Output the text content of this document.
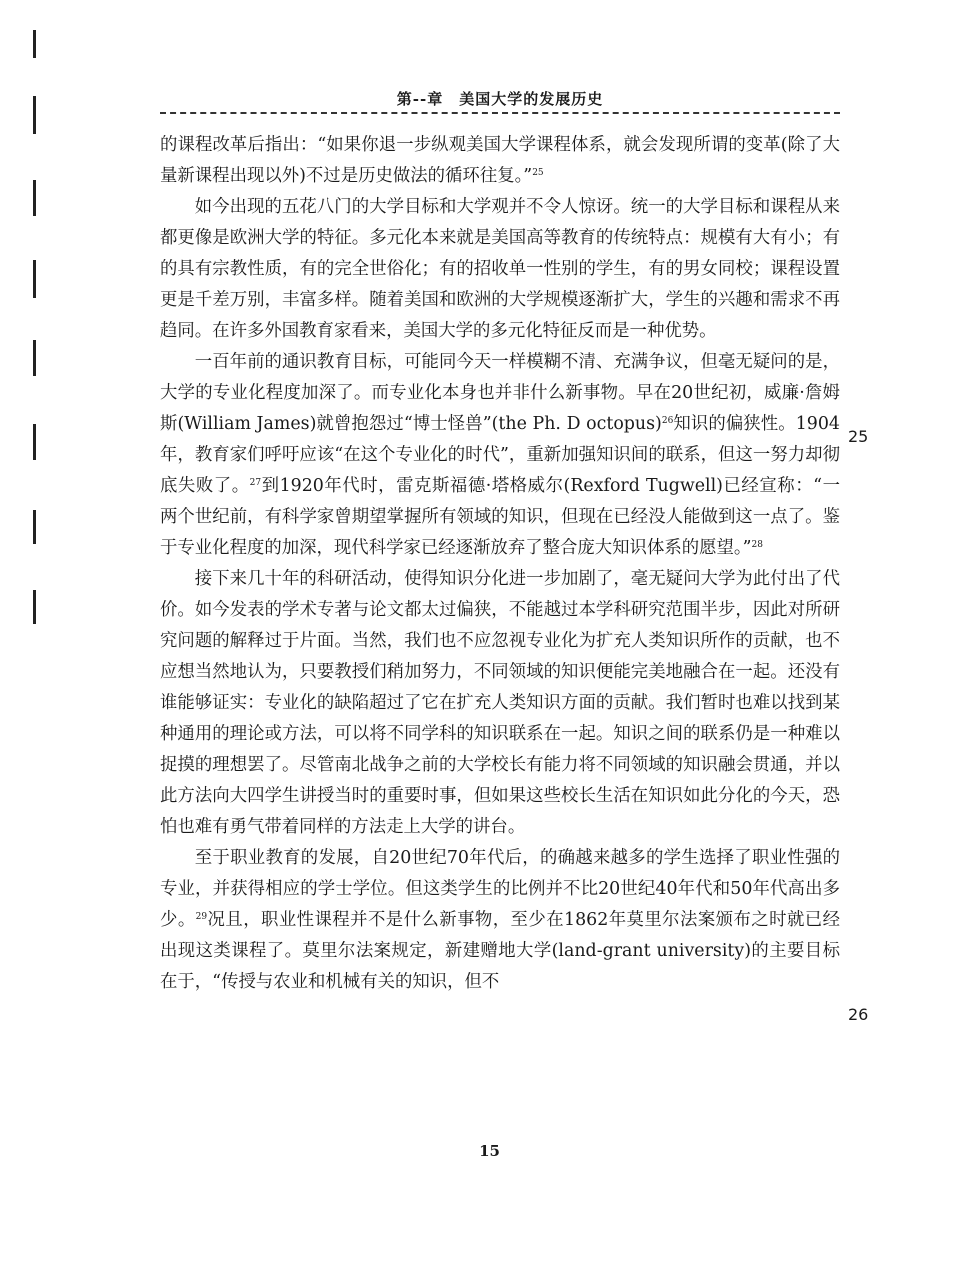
第--章　美国大学的发展历史

的课程改革后指出：“如果你退一步纵观美国大学课程体系，就会发现所谓的变革(除了大量新课程出现以外)不过是历史做法的循环往复。”$^{25}$

如今出现的五花八门的大学目标和大学观并不令人惊讶。统一的大学目标和课程从来都更像是欧洲大学的特征。多元化本来就是美国高等教育的传统特点：规模有大有小；有的具有宗教性质，有的完全世俗化；有的招收单一性别的学生，有的男女同校；课程设置更是千差万别，丰富多样。随着美国和欧洲的大学规模逐渐扩大，学生的兴趣和需求不再趋同。在许多外国教育家看来，美国大学的多元化特征反而是一种优势。

一百年前的通识教育目标，可能同今天一样模糊不清、充满争议，但毫无疑问的是，大学的专业化程度加深了。而专业化本身也并非什么新事物。早在20世纪初，威廉·詹姆斯(William James)就曾抱怨过“博士怪兽”(the Ph. D octopus)$^{26}$知识的偏狭性。1904年，教育家们呼吁应该“在这个专业化的时代”，重新加强知识间的联系，但这一努力却彻底失败了。$^{27}$到1920年代时，雷克斯福德·塔格威尔(Rexford Tugwell)已经宣称：“一两个世纪前，有科学家曾期望掌握所有领域的知识，但现在已经没人能做到这一点了。鉴于专业化程度的加深，现代科学家已经逐渐放弃了整合庞大知识体系的愿望。”$^{28}$

接下来几十年的科研活动，使得知识分化进一步加剧了，毫无疑问大学为此付出了代价。如今发表的学术专著与论文都太过偏狭，不能越过本学科研究范围半步，因此对所研究问题的解释过于片面。当然，我们也不应忽视专业化为扩充人类知识所作的贡献，也不应想当然地认为，只要教授们稍加努力，不同领域的知识便能完美地融合在一起。还没有谁能够证实：专业化的缺陷超过了它在扩充人类知识方面的贡献。我们暂时也难以找到某种通用的理论或方法，可以将不同学科的知识联系在一起。知识之间的联系仍是一种难以捉摸的理想罢了。尽管南北战争之前的大学校长有能力将不同领域的知识融会贯通，并以此方法向大四学生讲授当时的重要时事，但如果这些校长生活在知识如此分化的今天，恐怕也难有勇气带着同样的方法走上大学的讲台。

至于职业教育的发展，自20世纪70年代后，的确越来越多的学生选择了职业性强的专业，并获得相应的学士学位。但这类学生的比例并不比20世纪40年代和50年代高出多少。$^{29}$况且，职业性课程并不是什么新事物，至少在1862年莫里尔法案颁布之时就已经出现这类课程了。莫里尔法案规定，新建赠地大学(land-grant university)的主要目标在于，“传授与农业和机械有关的知识，但不

25
26
15
